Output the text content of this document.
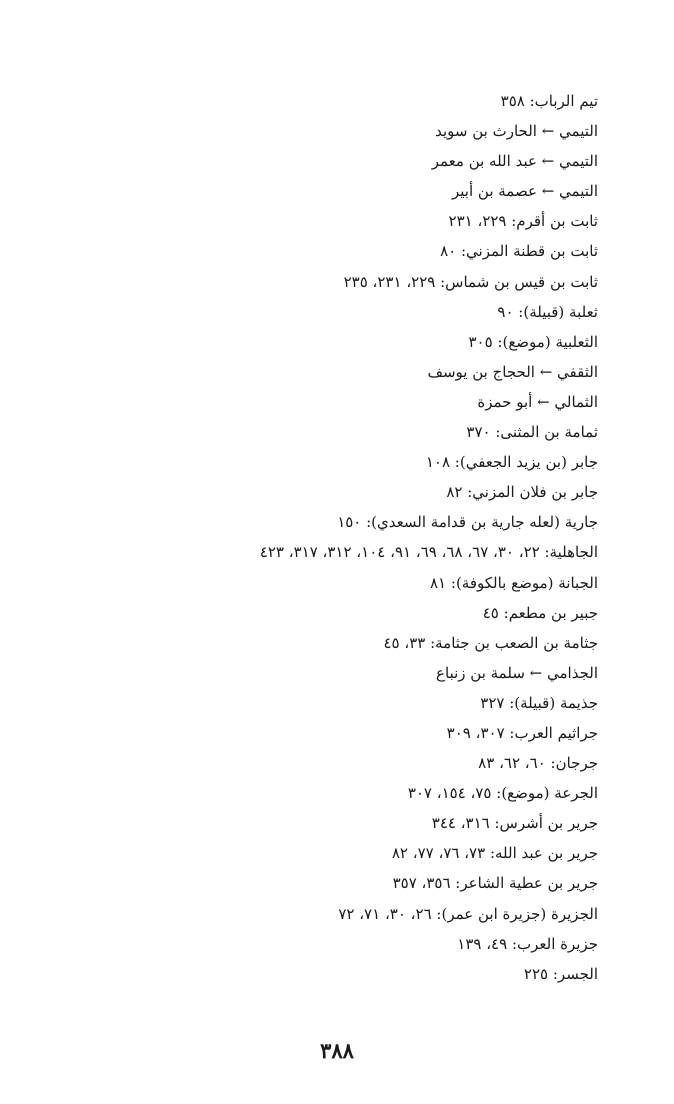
تيم الرباب: ٣٥٨
التيمي ← الحارث بن سويد
التيمي ← عبد الله بن معمر
التيمي ← عصمة بن أبير
ثابت بن أقرم: ٢٢٩، ٢٣١
ثابت بن قطنة المزني: ٨٠
ثابت بن قيس بن شماس: ٢٢٩، ٢٣١، ٢٣٥
ثعلبة (قبيلة): ٩٠
الثعلبية (موضع): ٣٠٥
الثقفي ← الحجاج بن يوسف
الثمالي ← أبو حمزة
ثمامة بن المثنى: ٣٧٠
جابر (بن يزيد الجعفي): ١٠٨
جابر بن فلان المزني: ٨٢
جارية (لعله جارية بن قدامة السعدي): ١٥٠
الجاهلية: ٢٢، ٣٠، ٦٧، ٦٨، ٦٩، ٩١، ١٠٤، ٣١٢، ٣١٧، ٤٢٣
الجبانة (موضع بالكوفة): ٨١
جبير بن مطعم: ٤٥
جثامة بن الصعب بن جثامة: ٣٣، ٤٥
الجذامي ← سلمة بن زنباع
جذيمة (قبيلة): ٣٢٧
جراثيم العرب: ٣٠٧، ٣٠٩
جرجان: ٦٠، ٦٢، ٨٣
الجرعة (موضع): ٧٥، ١٥٤، ٣٠٧
جرير بن أشرس: ٣١٦، ٣٤٤
جرير بن عبد الله: ٧٣، ٧٦، ٧٧، ٨٢
جرير بن عطية الشاعر: ٣٥٦، ٣٥٧
الجزيرة (جزيرة ابن عمر): ٢٦، ٣٠، ٧١، ٧٢
جزيرة العرب: ٤٩، ١٣٩
الجسر: ٢٢٥
٣٨٨
